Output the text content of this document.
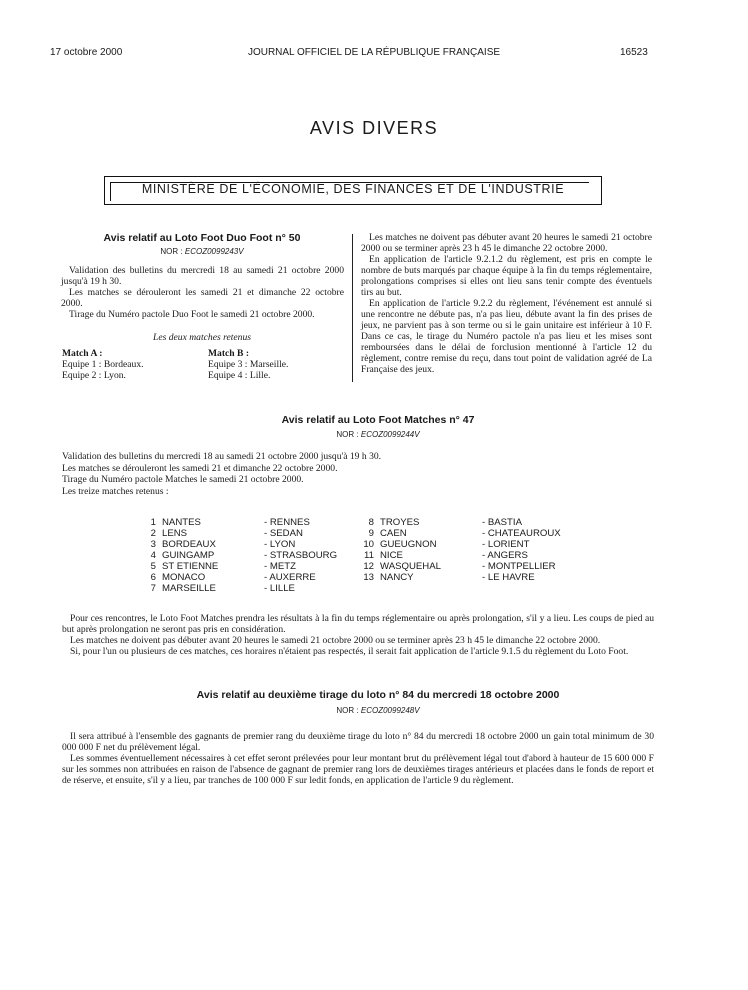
17 octobre 2000	JOURNAL OFFICIEL DE LA RÉPUBLIQUE FRANÇAISE	16523
AVIS DIVERS
MINISTÈRE DE L'ÉCONOMIE, DES FINANCES ET DE L'INDUSTRIE
Avis relatif au Loto Foot Duo Foot n° 50
NOR : ECOZ0099243V

Validation des bulletins du mercredi 18 au samedi 21 octobre 2000 jusqu'à 19 h 30.

Les matches se dérouleront les samedi 21 et dimanche 22 octobre 2000.

Tirage du Numéro pactole Duo Foot le samedi 21 octobre 2000.

Les deux matches retenus
Match A :
Equipe 1 : Bordeaux.
Equipe 2 : Lyon.
Match B :
Equipe 3 : Marseille.
Equipe 4 : Lille.

Les matches ne doivent pas débuter avant 20 heures le samedi 21 octobre 2000 ou se terminer après 23 h 45 le dimanche 22 octobre 2000.

En application de l'article 9.2.1.2 du règlement, est pris en compte le nombre de buts marqués par chaque équipe à la fin du temps réglementaire, prolongations comprises si elles ont lieu sans tenir compte des éventuels tirs au but.

En application de l'article 9.2.2 du règlement, l'événement est annulé si une rencontre ne débute pas, n'a pas lieu, débute avant la fin des prises de jeux, ne parvient pas à son terme ou si le gain unitaire est inférieur à 10 F. Dans ce cas, le tirage du Numéro pactole n'a pas lieu et les mises sont remboursées dans le délai de forclusion mentionné à l'article 12 du règlement, contre remise du reçu, dans tout point de validation agréé de La Française des jeux.

Avis relatif au Loto Foot Matches n° 47
NOR : ECOZ0099244V
Validation des bulletins du mercredi 18 au samedi 21 octobre 2000 jusqu'à 19 h 30.
Les matches se dérouleront les samedi 21 et dimanche 22 octobre 2000.
Tirage du Numéro pactole Matches le samedi 21 octobre 2000.
Les treize matches retenus :
1 NANTES	- RENNES
2 LENS	- SEDAN
3 BORDEAUX	- LYON
4 GUINGAMP	- STRASBOURG
5 ST ETIENNE	- METZ
6 MONACO	- AUXERRE
7 MARSEILLE	- LILLE
8 TROYES	- BASTIA
9 CAEN	- CHATEAUROUX
10 GUEUGNON	- LORIENT
11 NICE	- ANGERS
12 WASQUEHAL	- MONTPELLIER
13 NANCY	- LE HAVRE

Pour ces rencontres, le Loto Foot Matches prendra les résultats à la fin du temps réglementaire ou après prolongation, s'il y a lieu. Les coups de pied au but après prolongation ne seront pas pris en considération.

Les matches ne doivent pas débuter avant 20 heures le samedi 21 octobre 2000 ou se terminer après 23 h 45 le dimanche 22 octobre 2000.

Si, pour l'un ou plusieurs de ces matches, ces horaires n'étaient pas respectés, il serait fait application de l'article 9.1.5 du règlement du Loto Foot.

Avis relatif au deuxième tirage du loto n° 84 du mercredi 18 octobre 2000
NOR : ECOZ0099248V

Il sera attribué à l'ensemble des gagnants de premier rang du deuxième tirage du loto n° 84 du mercredi 18 octobre 2000 un gain total minimum de 30 000 000 F net du prélèvement légal.

Les sommes éventuellement nécessaires à cet effet seront prélevées pour leur montant brut du prélèvement légal tout d'abord à hauteur de 15 600 000 F sur les sommes non attribuées en raison de l'absence de gagnant de premier rang lors de deuxièmes tirages antérieurs et placées dans le fonds de report et de réserve, et ensuite, s'il y a lieu, par tranches de 100 000 F sur ledit fonds, en application de l'article 9 du règlement.
